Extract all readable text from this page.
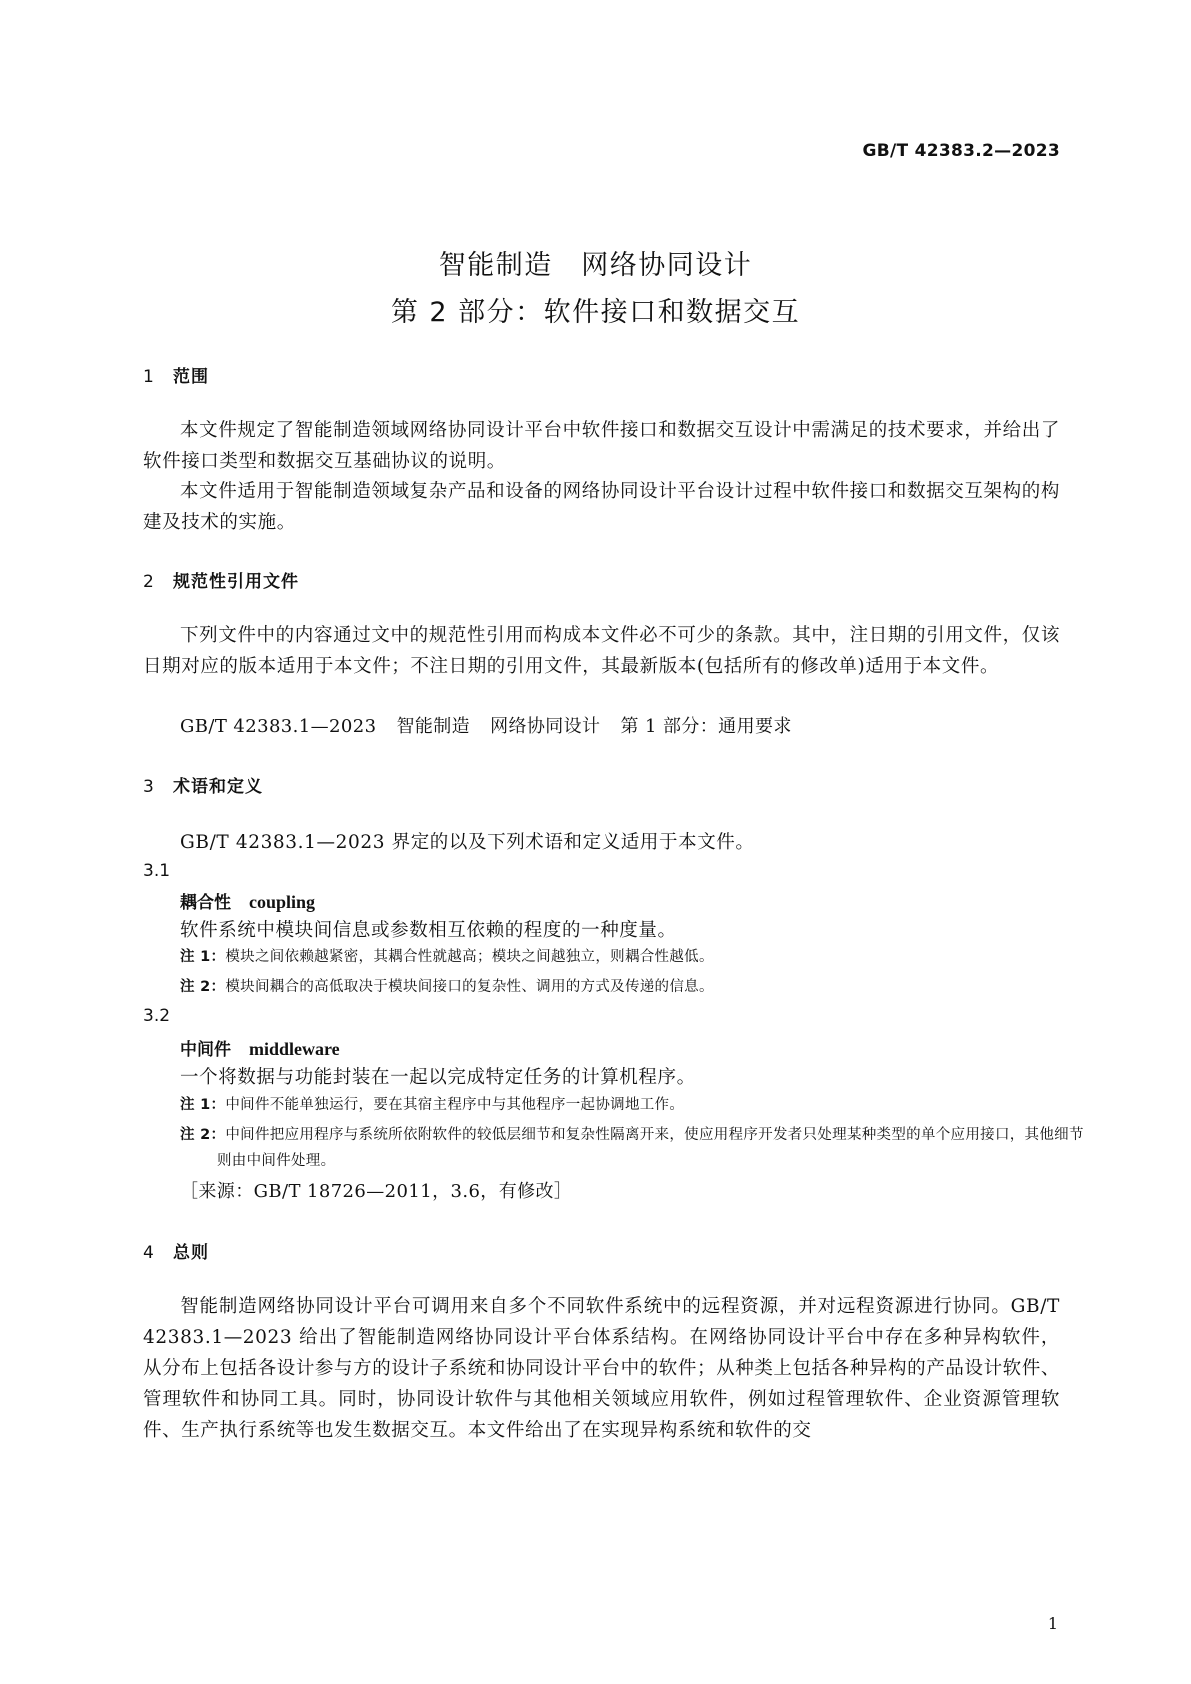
GB/T 42383.2—2023
智能制造　网络协同设计
第 2 部分：软件接口和数据交互
1 范围
本文件规定了智能制造领域网络协同设计平台中软件接口和数据交互设计中需满足的技术要求，并给出了软件接口类型和数据交互基础协议的说明。
本文件适用于智能制造领域复杂产品和设备的网络协同设计平台设计过程中软件接口和数据交互架构的构建及技术的实施。
2 规范性引用文件
下列文件中的内容通过文中的规范性引用而构成本文件必不可少的条款。其中，注日期的引用文件，仅该日期对应的版本适用于本文件；不注日期的引用文件，其最新版本(包括所有的修改单)适用于本文件。
GB/T 42383.1—2023 智能制造 网络协同设计 第 1 部分：通用要求
3 术语和定义
GB/T 42383.1—2023 界定的以及下列术语和定义适用于本文件。
3.1
耦合性 coupling
软件系统中模块间信息或参数相互依赖的程度的一种度量。
注 1：模块之间依赖越紧密，其耦合性就越高；模块之间越独立，则耦合性越低。
注 2：模块间耦合的高低取决于模块间接口的复杂性、调用的方式及传递的信息。
3.2
中间件 middleware
一个将数据与功能封装在一起以完成特定任务的计算机程序。
注 1：中间件不能单独运行，要在其宿主程序中与其他程序一起协调地工作。
注 2：中间件把应用程序与系统所依附软件的较低层细节和复杂性隔离开来，使应用程序开发者只处理某种类型的单个应用接口，其他细节则由中间件处理。
［来源：GB/T 18726—2011，3.6，有修改］
4 总则
智能制造网络协同设计平台可调用来自多个不同软件系统中的远程资源，并对远程资源进行协同。GB/T 42383.1—2023 给出了智能制造网络协同设计平台体系结构。在网络协同设计平台中存在多种异构软件，从分布上包括各设计参与方的设计子系统和协同设计平台中的软件；从种类上包括各种异构的产品设计软件、管理软件和协同工具。同时，协同设计软件与其他相关领域应用软件，例如过程管理软件、企业资源管理软件、生产执行系统等也发生数据交互。本文件给出了在实现异构系统和软件的交
1
